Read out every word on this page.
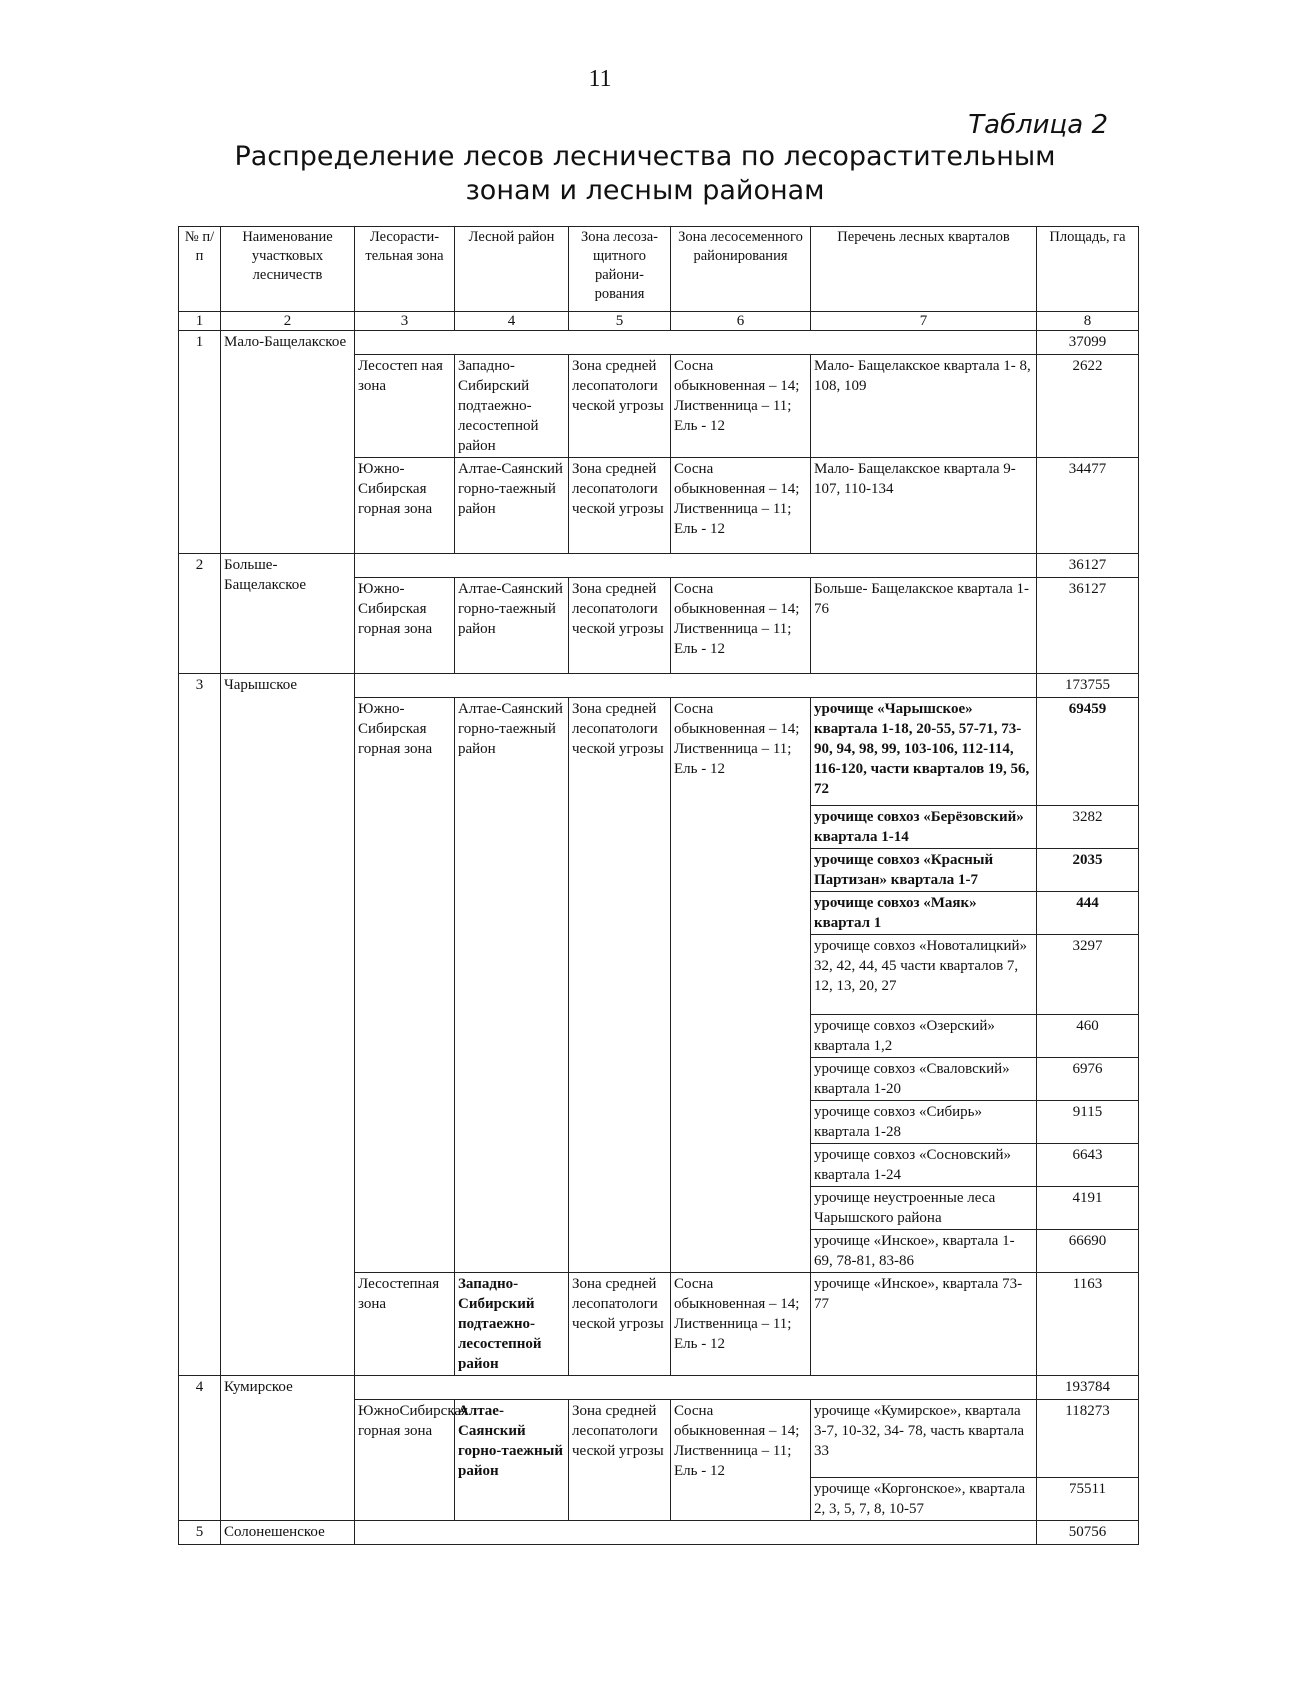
11
Таблица 2
Распределение лесов лесничества по лесорастительным
зонам и лесным районам
№ п/п	Наименование участковых лесничеств	Лесорасти-тельная зона	Лесной район	Зона лесоза-щитного райони-рования	Зона лесосеменного районирования	Перечень лесных кварталов	Площадь, га
1	2	3	4	5	6	7	8
1	Мало-Бащелакское						37099
		Лесостеп ная зона	Западно-Сибирский подтаежно-лесостепной район	Зона средней лесопатологи ческой угрозы	Сосна обыкновенная – 14; Лиственница – 11; Ель - 12	Мало- Бащелакское квартала 1- 8, 108, 109	2622
		Южно-Сибирская горная зона	Алтае-Саянский горно-таежный район	Зона средней лесопатологи ческой угрозы	Сосна обыкновенная – 14; Лиственница – 11; Ель - 12	Мало- Бащелакское квартала 9-107, 110-134	34477
2	Больше-Бащелакское						36127
		Южно-Сибирская горная зона	Алтае-Саянский горно-таежный район	Зона средней лесопатологи ческой угрозы	Сосна обыкновенная – 14; Лиственница – 11; Ель - 12	Больше- Бащелакское квартала 1-76	36127
3	Чарышское						173755
		Южно-Сибирская горная зона	Алтае-Саянский горно-таежный район	Зона средней лесопатологи ческой угрозы	Сосна обыкновенная – 14; Лиственница – 11; Ель - 12	урочище «Чарышское» квартала 1-18, 20-55, 57-71, 73-90, 94, 98, 99, 103-106, 112-114, 116-120, части кварталов 19, 56, 72	69459
						урочище совхоз «Берёзовский» квартала 1-14	3282
						урочище совхоз «Красный Партизан» квартала 1-7	2035
						урочище совхоз «Маяк» квартал 1	444
						урочище совхоз «Новоталицкий» 32, 42, 44, 45 части кварталов 7, 12, 13, 20, 27	3297
						урочище совхоз «Озерский» квартала 1,2	460
						урочище совхоз «Сваловский» квартала 1-20	6976
						урочище совхоз «Сибирь» квартала 1-28	9115
						урочище совхоз «Сосновский» квартала 1-24	6643
						урочище неустроенные леса Чарышского района	4191
						урочище «Инское», квартала 1-69, 78-81, 83-86	66690
		Лесостепная зона	Западно-Сибирский подтаежно-лесостепной район	Зона средней лесопатологи ческой угрозы	Сосна обыкновенная – 14; Лиственница – 11; Ель - 12	урочище «Инское», квартала 73-77	1163
4	Кумирское						193784
		ЮжноСибирская горная зона	Алтае-Саянский горно-таежный район	Зона средней лесопатологи ческой угрозы	Сосна обыкновенная – 14; Лиственница – 11; Ель - 12	урочище «Кумирское», квартала 3-7, 10-32, 34- 78, часть квартала 33	118273
						урочище «Коргонское», квартала 2, 3, 5, 7, 8, 10-57	75511
5	Солонешенское						50756
